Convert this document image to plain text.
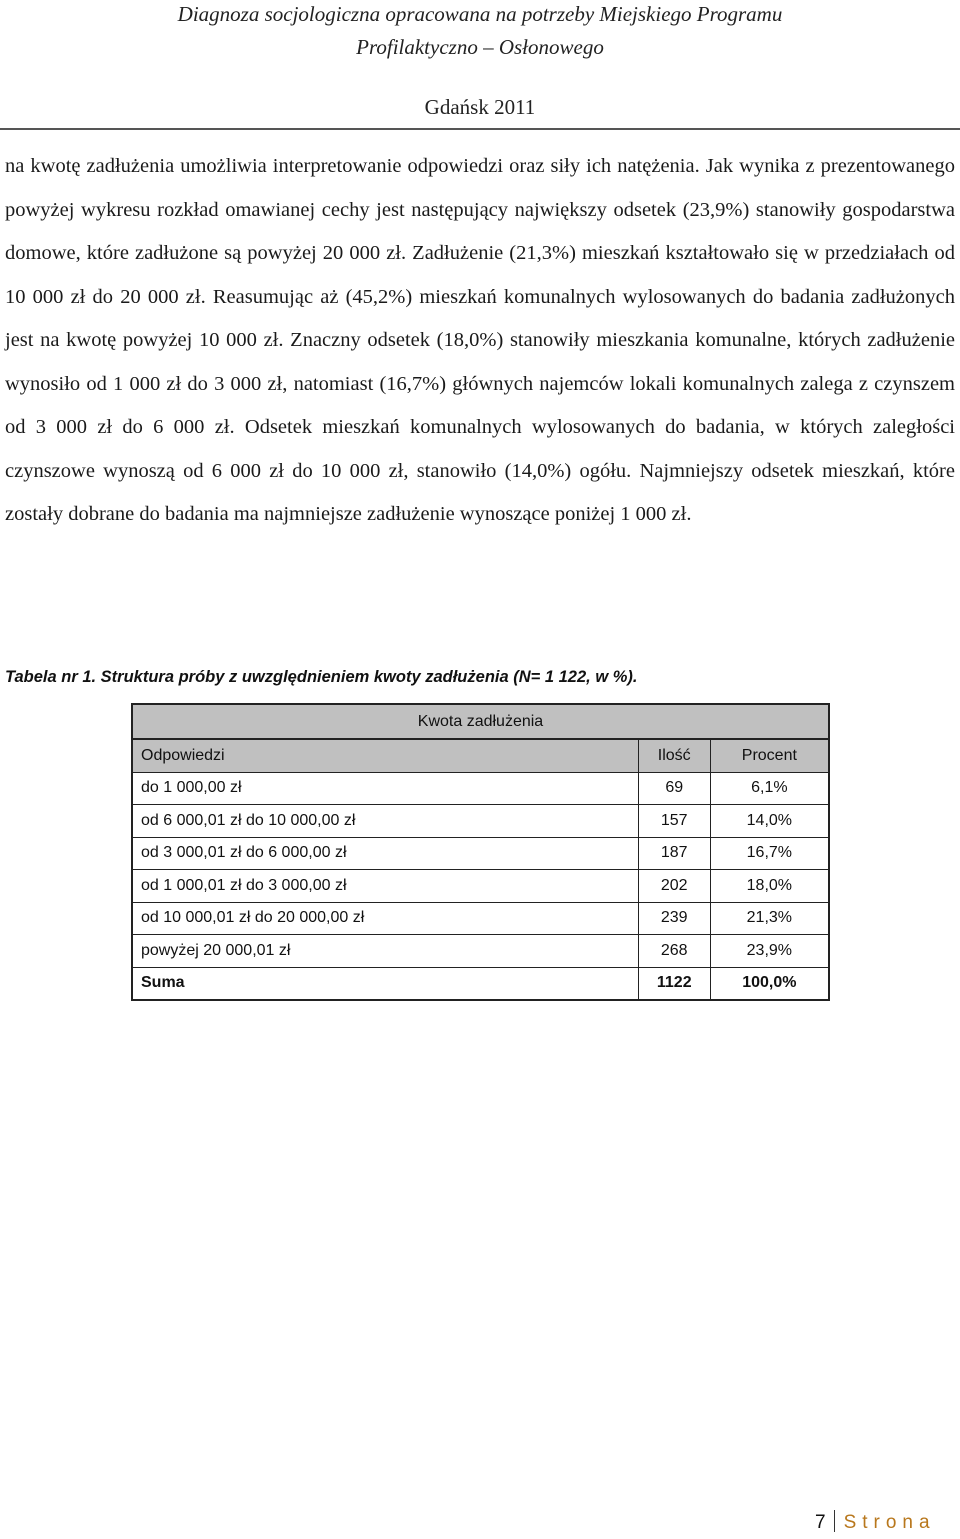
Diagnoza socjologiczna opracowana na potrzeby Miejskiego Programu
Profilaktyczno – Osłonowego
Gdańsk 2011

na kwotę zadłużenia umożliwia interpretowanie odpowiedzi oraz siły ich natężenia. Jak wynika z prezentowanego powyżej wykresu rozkład omawianej cechy jest następujący największy odsetek (23,9%) stanowiły gospodarstwa domowe, które zadłużone są powyżej 20 000 zł. Zadłużenie (21,3%) mieszkań kształtowało się w przedziałach od 10 000 zł do 20 000 zł. Reasumując aż (45,2%) mieszkań komunalnych wylosowanych do badania zadłużonych jest na kwotę powyżej 10 000 zł. Znaczny odsetek (18,0%) stanowiły mieszkania komunalne, których zadłużenie wynosiło od 1 000 zł do 3 000 zł, natomiast (16,7%) głównych najemców lokali komunalnych zalega z czynszem od 3 000 zł do 6 000 zł. Odsetek mieszkań komunalnych wylosowanych do badania, w których zaległości czynszowe wynoszą od 6 000 zł do 10 000 zł, stanowiło (14,0%) ogółu. Najmniejszy odsetek mieszkań, które zostały dobrane do badania ma najmniejsze zadłużenie wynoszące poniżej 1 000 zł.

Tabela nr 1. Struktura próby z uwzględnieniem kwoty zadłużenia (N= 1 122, w %).
Kwota zadłużenia		
Odpowiedzi	Ilość	Procent
do 1 000,00 zł	69	6,1%
od 6 000,01 zł do 10 000,00 zł	157	14,0%
od 3 000,01 zł do 6 000,00 zł	187	16,7%
od 1 000,01 zł do 3 000,00 zł	202	18,0%
od 10 000,01 zł do 20 000,00 zł	239	21,3%
powyżej 20 000,01 zł	268	23,9%
Suma	1122	100,0%
7 Strona
